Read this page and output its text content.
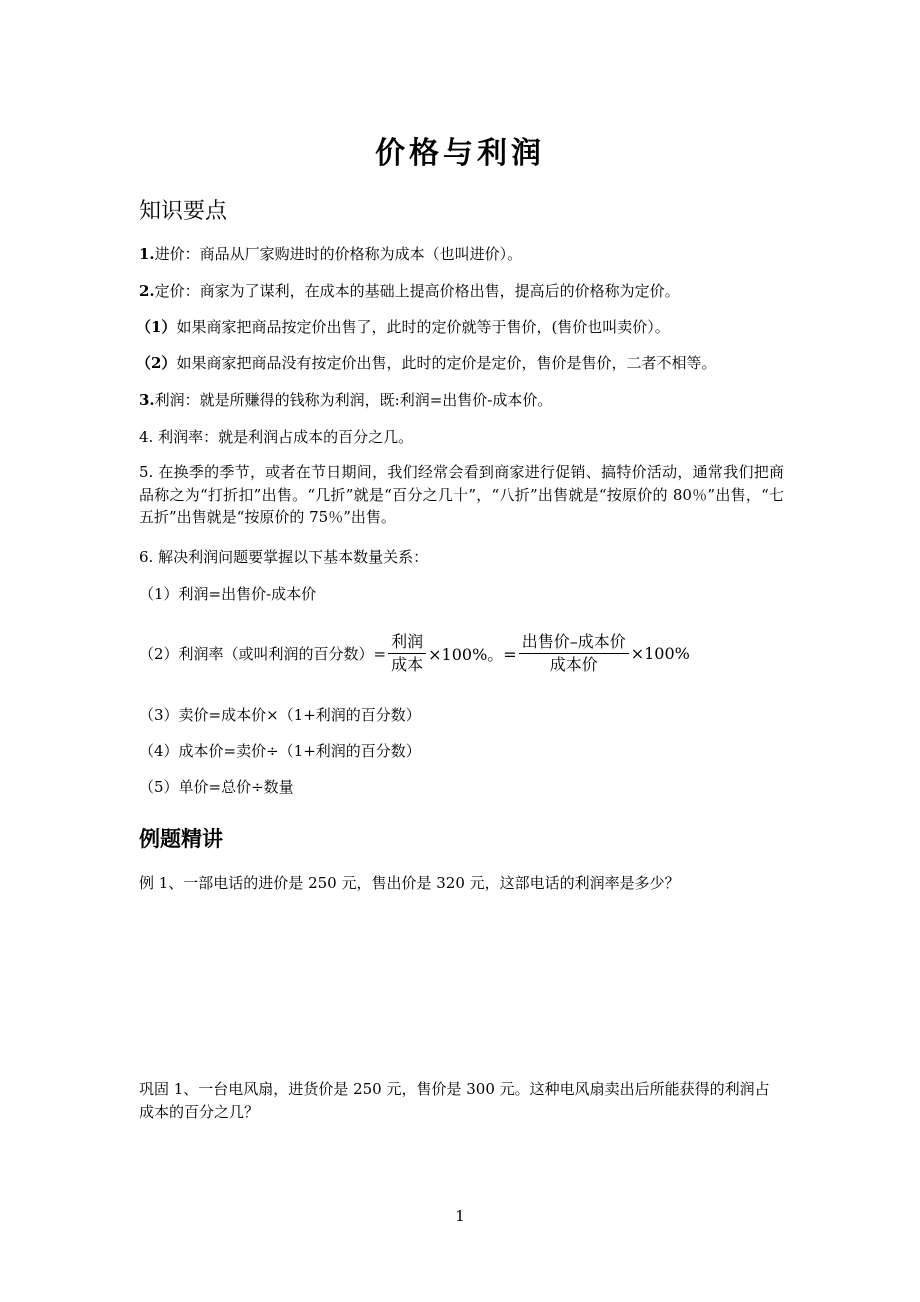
价格与利润
知识要点
1.进价：商品从厂家购进时的价格称为成本（也叫进价）。
2.定价：商家为了谋利，在成本的基础上提高价格出售，提高后的价格称为定价。
（1）如果商家把商品按定价出售了，此时的定价就等于售价，(售价也叫卖价）。
（2）如果商家把商品没有按定价出售，此时的定价是定价，售价是售价，二者不相等。
3.利润：就是所赚得的钱称为利润，既:利润=出售价-成本价。
4. 利润率：就是利润占成本的百分之几。
5. 在换季的季节，或者在节日期间，我们经常会看到商家进行促销、搞特价活动，通常我们把商品称之为“打折扣”出售。“几折”就是“百分之几十”，“八折”出售就是“按原价的 80％”出售，“七五折”出售就是“按原价的 75％”出售。
6. 解决利润问题要掌握以下基本数量关系：
（1）利润=出售价-成本价
（2）利润率（或叫利润的百分数）= $\frac{\text{利润}}{\text{成本}} \times 100\%$。= $\frac{\text{出售价–成本价}}{\text{成本价}} \times 100\%$
（3）卖价=成本价×（1+利润的百分数）
（4）成本价=卖价÷（1+利润的百分数）
（5）单价=总价÷数量
例题精讲
例 1、一部电话的进价是 250 元，售出价是 320 元，这部电话的利润率是多少？
巩固 1、一台电风扇，进货价是 250 元，售价是 300 元。这种电风扇卖出后所能获得的利润占成本的百分之几？
1
